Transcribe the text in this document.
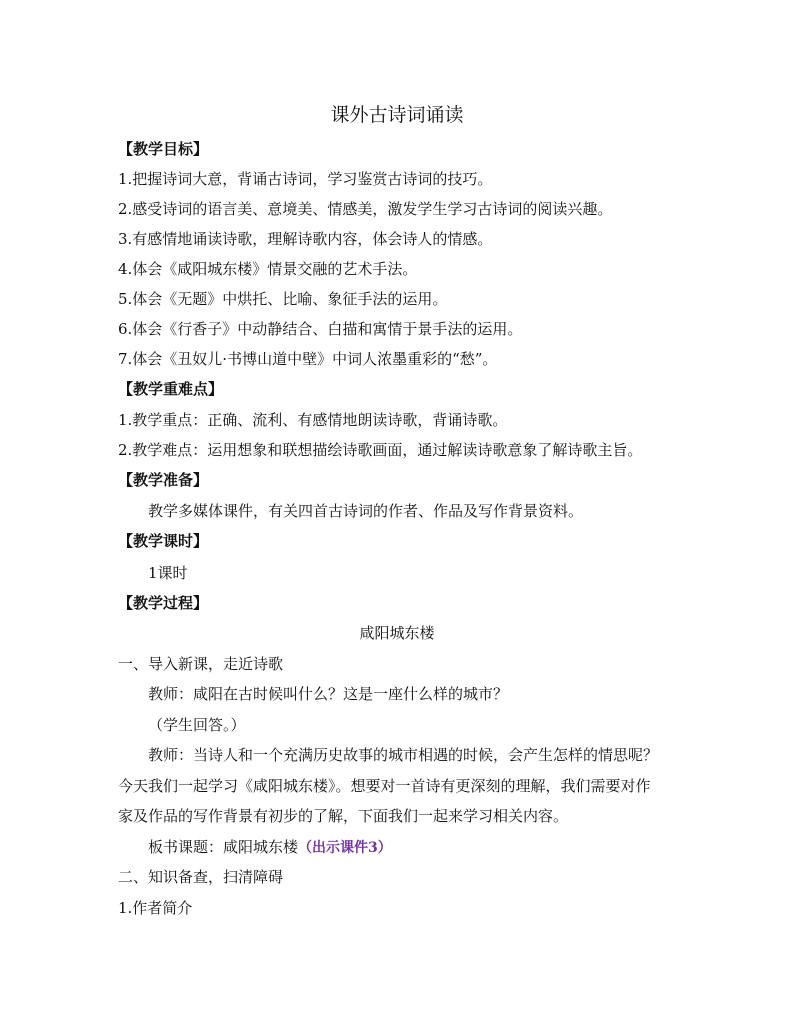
课外古诗词诵读
【教学目标】
1.把握诗词大意，背诵古诗词，学习鉴赏古诗词的技巧。
2.感受诗词的语言美、意境美、情感美，激发学生学习古诗词的阅读兴趣。
3.有感情地诵读诗歌，理解诗歌内容，体会诗人的情感。
4.体会《咸阳城东楼》情景交融的艺术手法。
5.体会《无题》中烘托、比喻、象征手法的运用。
6.体会《行香子》中动静结合、白描和寓情于景手法的运用。
7.体会《丑奴儿·书博山道中壁》中词人浓墨重彩的“愁”。
【教学重难点】
1.教学重点：正确、流利、有感情地朗读诗歌，背诵诗歌。
2.教学难点：运用想象和联想描绘诗歌画面，通过解读诗歌意象了解诗歌主旨。
【教学准备】
教学多媒体课件，有关四首古诗词的作者、作品及写作背景资料。
【教学课时】
1课时
【教学过程】
咸阳城东楼
一、导入新课，走近诗歌
教师：咸阳在古时候叫什么？这是一座什么样的城市？
（学生回答。）
教师：当诗人和一个充满历史故事的城市相遇的时候，会产生怎样的情思呢？
今天我们一起学习《咸阳城东楼》。想要对一首诗有更深刻的理解，我们需要对作
家及作品的写作背景有初步的了解，下面我们一起来学习相关内容。
板书课题：咸阳城东楼（出示课件3）
二、知识备查，扫清障碍
1.作者简介
